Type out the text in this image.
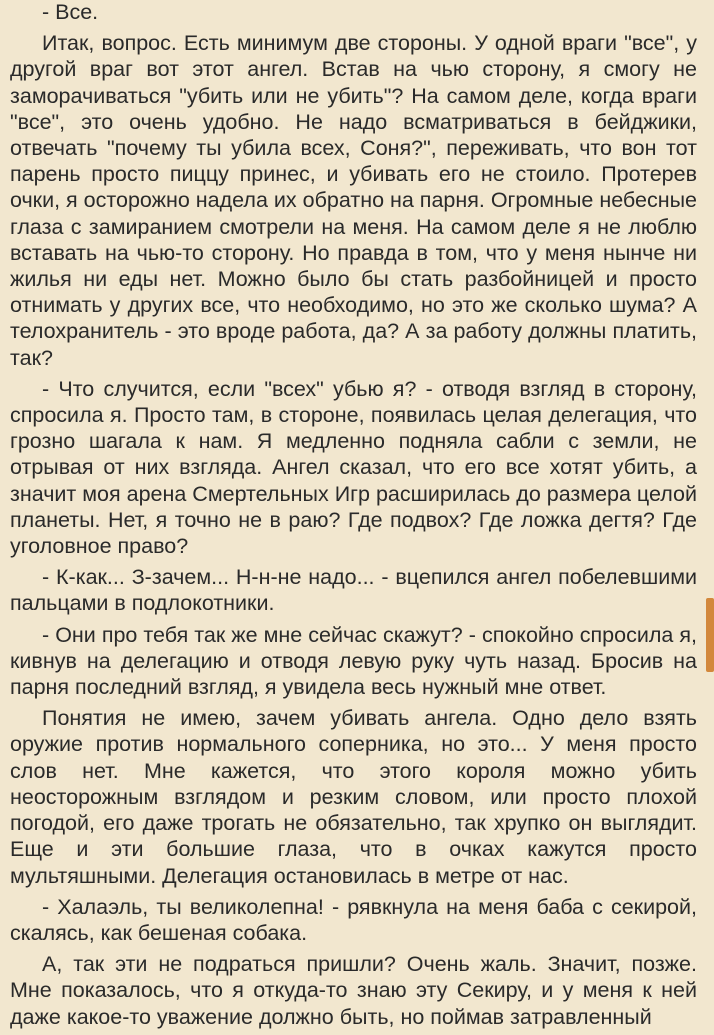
- Все.

Итак, вопрос. Есть минимум две стороны. У одной враги "все", у другой враг вот этот ангел. Встав на чью сторону, я смогу не заморачиваться "убить или не убить"? На самом деле, когда враги "все", это очень удобно. Не надо всматриваться в бейджики, отвечать "почему ты убила всех, Соня?", переживать, что вон тот парень просто пиццу принес, и убивать его не стоило. Протерев очки, я осторожно надела их обратно на парня. Огромные небесные глаза с замиранием смотрели на меня. На самом деле я не люблю вставать на чью-то сторону. Но правда в том, что у меня нынче ни жилья ни еды нет. Можно было бы стать разбойницей и просто отнимать у других все, что необходимо, но это же сколько шума? А телохранитель - это вроде работа, да? А за работу должны платить, так?

- Что случится, если "всех" убью я? - отводя взгляд в сторону, спросила я. Просто там, в стороне, появилась целая делегация, что грозно шагала к нам. Я медленно подняла сабли с земли, не отрывая от них взгляда. Ангел сказал, что его все хотят убить, а значит моя арена Смертельных Игр расширилась до размера целой планеты. Нет, я точно не в раю? Где подвох? Где ложка дегтя? Где уголовное право?

- К-как... З-зачем... Н-н-не надо... - вцепился ангел побелевшими пальцами в подлокотники.

- Они про тебя так же мне сейчас скажут? - спокойно спросила я, кивнув на делегацию и отводя левую руку чуть назад. Бросив на парня последний взгляд, я увидела весь нужный мне ответ.

Понятия не имею, зачем убивать ангела. Одно дело взять оружие против нормального соперника, но это... У меня просто слов нет. Мне кажется, что этого короля можно убить неосторожным взглядом и резким словом, или просто плохой погодой, его даже трогать не обязательно, так хрупко он выглядит. Еще и эти большие глаза, что в очках кажутся просто мультяшными. Делегация остановилась в метре от нас.

- Халаэль, ты великолепна! - рявкнула на меня баба с секирой, скалясь, как бешеная собака.

А, так эти не подраться пришли? Очень жаль. Значит, позже. Мне показалось, что я откуда-то знаю эту Секиру, и у меня к ней даже какое-то уважение должно быть, но поймав затравленный
